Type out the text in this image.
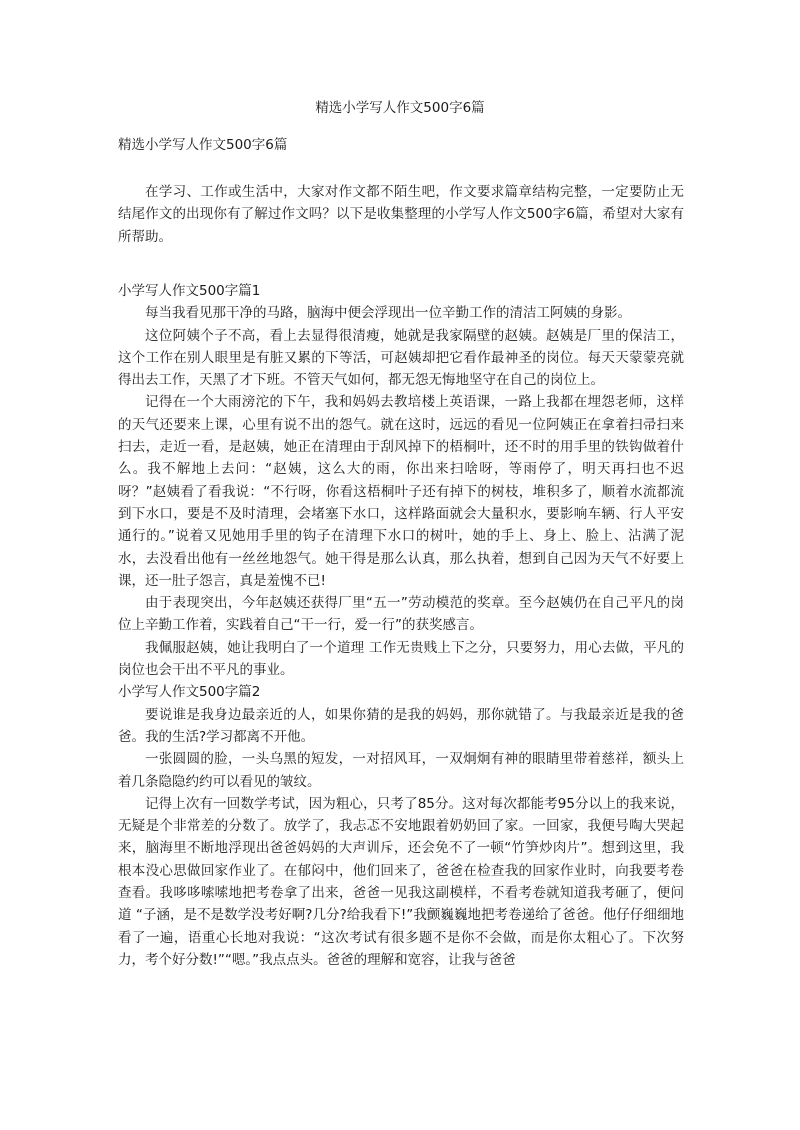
精选小学写人作文500字6篇
精选小学写人作文500字6篇

在学习、工作或生活中，大家对作文都不陌生吧，作文要求篇章结构完整，一定要防止无结尾作文的出现你有了解过作文吗？以下是收集整理的小学写人作文500字6篇，希望对大家有所帮助。

小学写人作文500字篇1

每当我看见那干净的马路，脑海中便会浮现出一位辛勤工作的清洁工阿姨的身影。

这位阿姨个子不高，看上去显得很清瘦，她就是我家隔壁的赵姨。赵姨是厂里的保洁工，这个工作在别人眼里是有脏又累的下等活，可赵姨却把它看作最神圣的岗位。每天天蒙蒙亮就得出去工作，天黑了才下班。不管天气如何，都无怨无悔地坚守在自己的岗位上。

记得在一个大雨滂沱的下午，我和妈妈去教培楼上英语课，一路上我都在埋怨老师，这样的天气还要来上课，心里有说不出的怨气。就在这时，远远的看见一位阿姨正在拿着扫帚扫来扫去，走近一看，是赵姨，她正在清理由于刮风掉下的梧桐叶，还不时的用手里的铁钩做着什么。我不解地上去问：“赵姨，这么大的雨，你出来扫啥呀，等雨停了，明天再扫也不迟呀？”赵姨看了看我说：“不行呀，你看这梧桐叶子还有掉下的树枝，堆积多了，顺着水流都流到下水口，要是不及时清理，会堵塞下水口，这样路面就会大量积水，要影响车辆、行人平安通行的。”说着又见她用手里的钩子在清理下水口的树叶，她的手上、身上、脸上、沾满了泥水，去没看出他有一丝丝地怨气。她干得是那么认真，那么执着，想到自己因为天气不好要上课，还一肚子怨言，真是羞愧不已!

由于表现突出，今年赵姨还获得厂里“五一”劳动模范的奖章。至今赵姨仍在自己平凡的岗位上辛勤工作着，实践着自己“干一行，爱一行”的获奖感言。

我佩服赵姨，她让我明白了一个道理 工作无贵贱上下之分，只要努力，用心去做，平凡的岗位也会干出不平凡的事业。

小学写人作文500字篇2

要说谁是我身边最亲近的人，如果你猜的是我的妈妈，那你就错了。与我最亲近是我的爸爸。我的生活?学习都离不开他。

一张圆圆的脸，一头乌黑的短发，一对招风耳，一双炯炯有神的眼睛里带着慈祥，额头上着几条隐隐约约可以看见的皱纹。

记得上次有一回数学考试，因为粗心，只考了85分。这对每次都能考95分以上的我来说，无疑是个非常差的分数了。放学了，我忐忑不安地跟着奶奶回了家。一回家，我便号啕大哭起来，脑海里不断地浮现出爸爸妈妈的大声训斥，还会免不了一顿“竹笋炒肉片”。想到这里，我根本没心思做回家作业了。在郁闷中，他们回来了，爸爸在检查我的回家作业时，向我要考卷查看。我哆哆嗦嗦地把考卷拿了出来，爸爸一见我这副模样，不看考卷就知道我考砸了，便问道 “子涵，是不是数学没考好啊?几分?给我看下!”我颤巍巍地把考卷递给了爸爸。他仔仔细细地看了一遍，语重心长地对我说：“这次考试有很多题不是你不会做，而是你太粗心了。下次努力，考个好分数!”“嗯。”我点点头。爸爸的理解和宽容，让我与爸爸
